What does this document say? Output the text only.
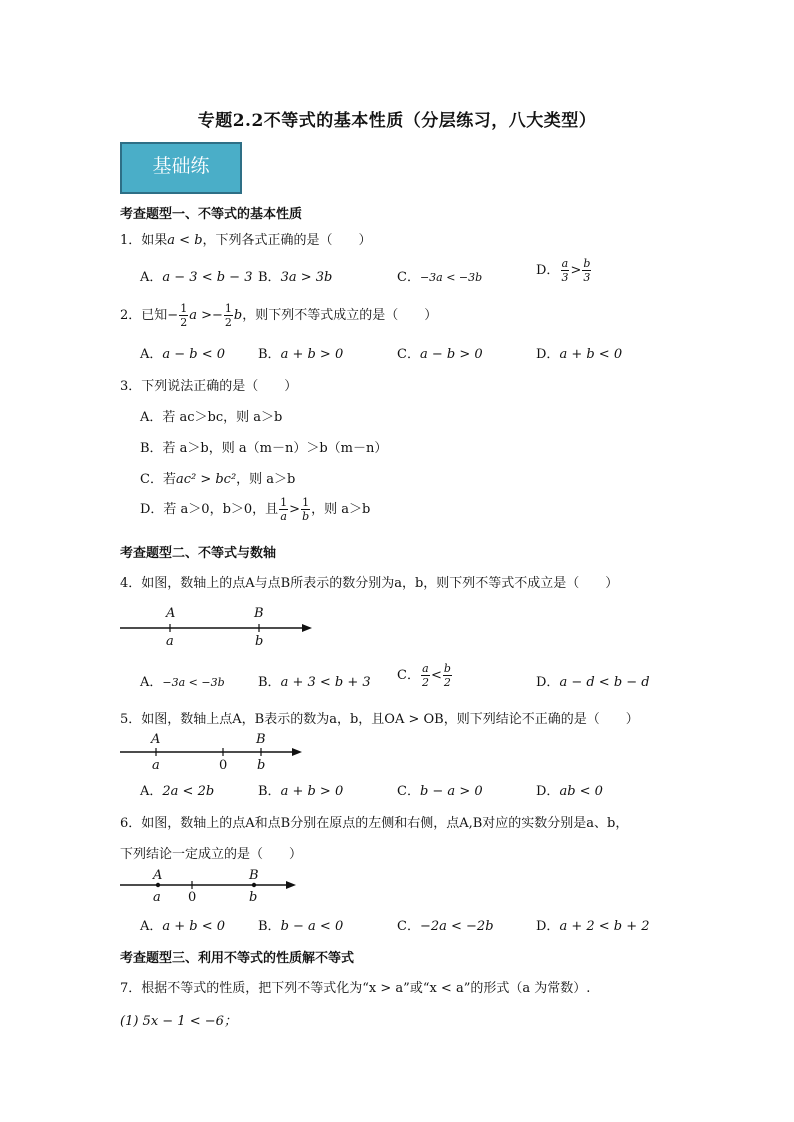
专题2.2不等式的基本性质（分层练习，八大类型）
基础练
考查题型一、不等式的基本性质
1．如果a < b，下列各式正确的是（　　）
A．a − 3 < b − 3 B．3a > 3b	C．−3a < −3b	D． $\frac{a}{3} > \frac{b}{3}$
2．已知− $\frac{1}{2}$ $a >- \frac{1}{2}$ b，则下列不等式成立的是（　　）
A．a − b < 0	B．a + b > 0	C．a − b > 0	D．a + b < 0
3．下列说法正确的是（　　）
A．若 ac＞bc，则 a＞b
B．若 a＞b，则 a（m－n）＞b（m－n）
C．若ac² > bc²，则 a＞b
D．若 a＞0，b＞0，且 $\frac{1}{a} > \frac{1}{b}$ ，则 a＞b
考查题型二、不等式与数轴
4．如图，数轴上的点A与点B所表示的数分别为a，b，则下列不等式不成立是（　　）
A	B
a	b
A．−3a < −3b	B．a + 3 < b + 3 C． $\frac{a}{2} < \frac{b}{2}$	D．a − d < b − d
5．如图，数轴上点A，B表示的数为a，b，且OA > OB，则下列结论不正确的是（　　）
A	B
a	0 b
A．2a < 2b	B．a + b > 0	C．b − a > 0	D．ab < 0
6．如图，数轴上的点A和点B分别在原点的左侧和右侧，点A,B对应的实数分别是a、b，
下列结论一定成立的是（　　）
A	B
a 0	b
A．a + b < 0	B．b − a < 0	C．−2a < −2b	D．a + 2 < b + 2
考查题型三、利用不等式的性质解不等式
7．根据不等式的性质，把下列不等式化为“x > a”或“x < a”的形式（a 为常数）.
(1) 5x − 1 < −6；
